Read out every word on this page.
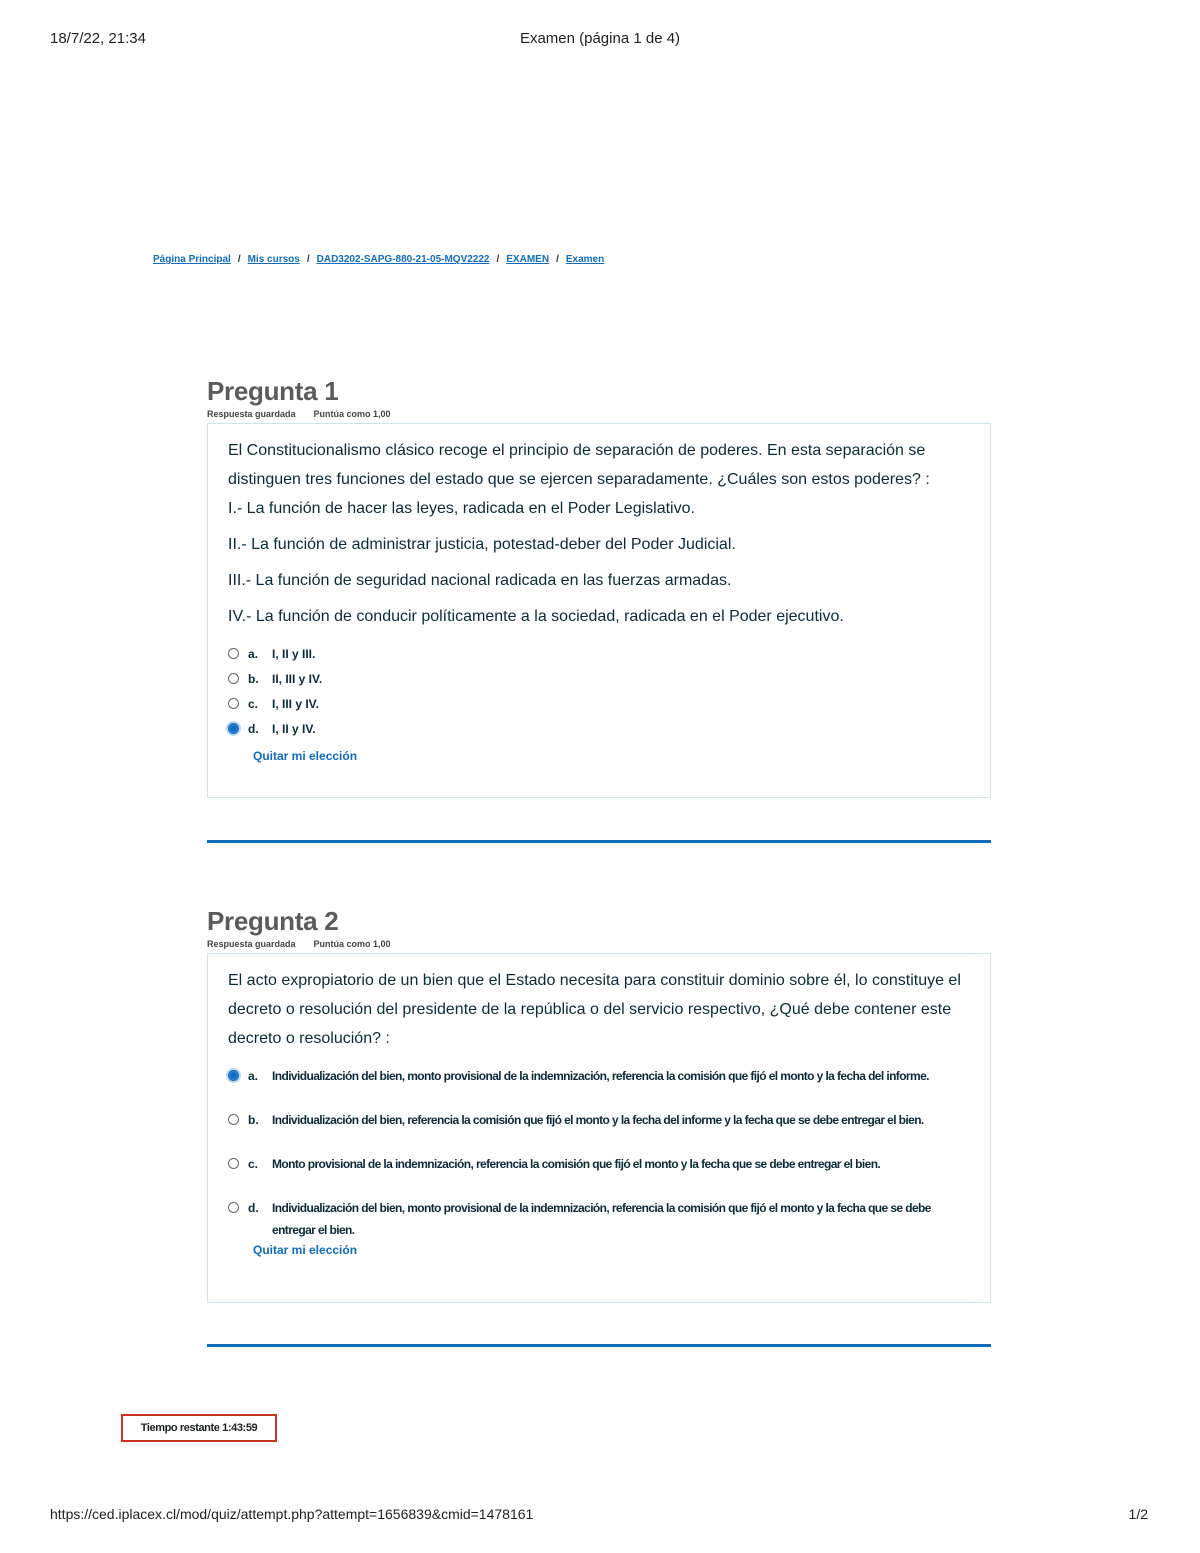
18/7/22, 21:34	Examen (página 1 de 4)
Página Principal / Mis cursos / DAD3202-SAPG-880-21-05-MQV2222 / EXAMEN / Examen
Pregunta 1
Respuesta guardada Puntúa como 1,00

El Constitucionalismo clásico recoge el principio de separación de poderes. En esta separación se distinguen tres funciones del estado que se ejercen separadamente. ¿Cuáles son estos poderes? :

I.- La función de hacer las leyes, radicada en el Poder Legislativo.

II.- La función de administrar justicia, potestad-deber del Poder Judicial.

III.- La función de seguridad nacional radicada en las fuerzas armadas.

IV.- La función de conducir políticamente a la sociedad, radicada en el Poder ejecutivo.

a.	I, II y III.
b.	II, III y IV.
c.	I, III y IV.
d.	I, II y IV.
Quitar mi elección
Pregunta 2
Respuesta guardada Puntúa como 1,00

El acto expropiatorio de un bien que el Estado necesita para constituir dominio sobre él, lo constituye el decreto o resolución del presidente de la república o del servicio respectivo, ¿Qué debe contener este decreto o resolución? :

a.	Individualización del bien, monto provisional de la indemnización, referencia la comisión que fijó el monto y la fecha del informe.
b.	Individualización del bien, referencia la comisión que fijó el monto y la fecha del informe y la fecha que se debe entregar el bien.
c.	Monto provisional de la indemnización, referencia la comisión que fijó el monto y la fecha que se debe entregar el bien.
d.	Individualización del bien, monto provisional de la indemnización, referencia la comisión que fijó el monto y la fecha que se debe entregar el bien.
Quitar mi elección
Tiempo restante 1:43:59
https://ced.iplacex.cl/mod/quiz/attempt.php?attempt=1656839&cmid=1478161	1/2
